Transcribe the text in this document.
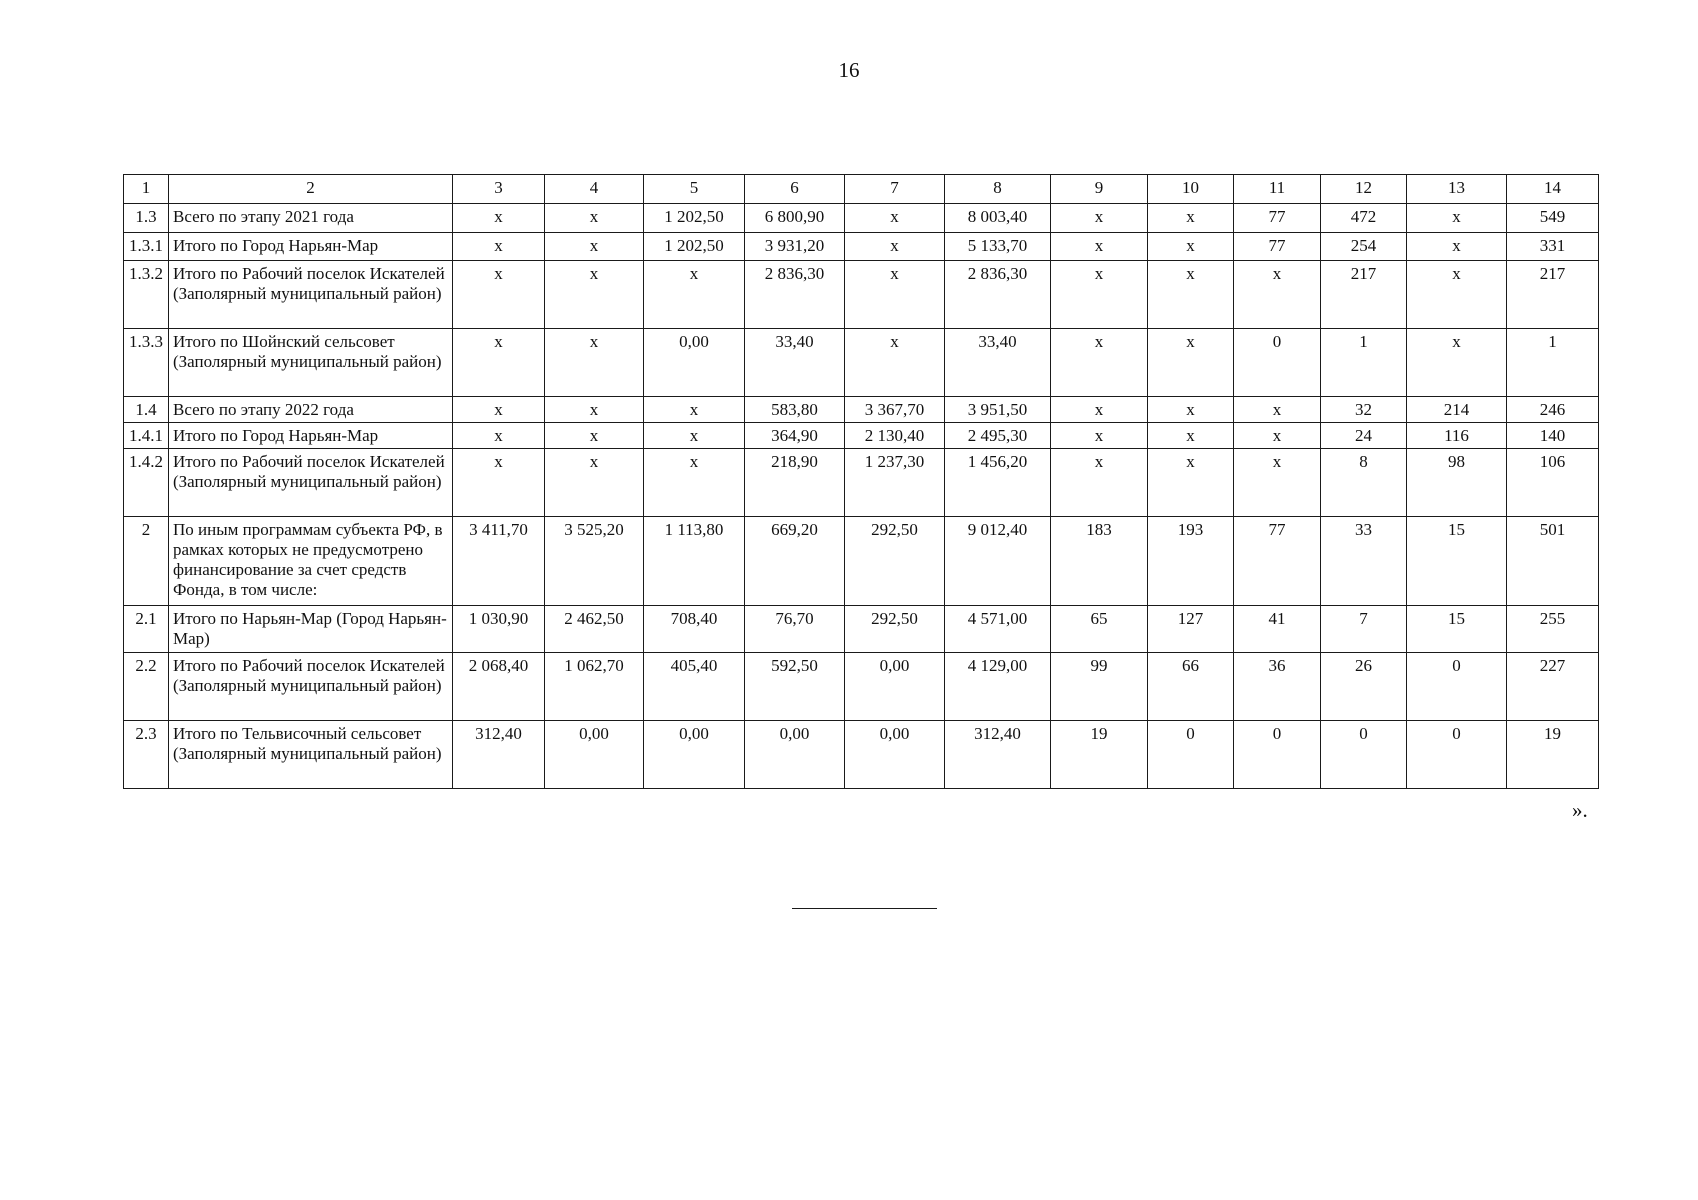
16
1	2	3	4	5	6	7	8	9	10	11	12	13	14
1.3	Всего по этапу 2021 года	х	х	1 202,50	6 800,90	х	8 003,40	х	х	77	472	х	549
1.3.1	Итого по Город Нарьян-Мар	х	х	1 202,50	3 931,20	х	5 133,70	х	х	77	254	х	331
1.3.2	Итого по Рабочий поселок Искателей (Заполярный муниципальный район)	х	х	х	2 836,30	х	2 836,30	х	х	х	217	х	217
1.3.3	Итого по Шойнский сельсовет (Заполярный муниципальный район)	х	х	0,00	33,40	х	33,40	х	х	0	1	х	1
1.4	Всего по этапу 2022 года	х	х	х	583,80	3 367,70	3 951,50	х	х	х	32	214	246
1.4.1	Итого по Город Нарьян-Мар	х	х	х	364,90	2 130,40	2 495,30	х	х	х	24	116	140
1.4.2	Итого по Рабочий поселок Искателей (Заполярный муниципальный район)	х	х	х	218,90	1 237,30	1 456,20	х	х	х	8	98	106
2	По иным программам субъекта РФ, в рамках которых не предусмотрено финансирование за счет средств Фонда, в том числе:	3 411,70	3 525,20	1 113,80	669,20	292,50	9 012,40	183	193	77	33	15	501
2.1	Итого по Нарьян-Мар (Город Нарьян-Мар)	1 030,90	2 462,50	708,40	76,70	292,50	4 571,00	65	127	41	7	15	255
2.2	Итого по Рабочий поселок Искателей (Заполярный муниципальный район)	2 068,40	1 062,70	405,40	592,50	0,00	4 129,00	99	66	36	26	0	227
2.3	Итого по Тельвисочный сельсовет (Заполярный муниципальный район)	312,40	0,00	0,00	0,00	0,00	312,40	19	0	0	0	0	19
».
